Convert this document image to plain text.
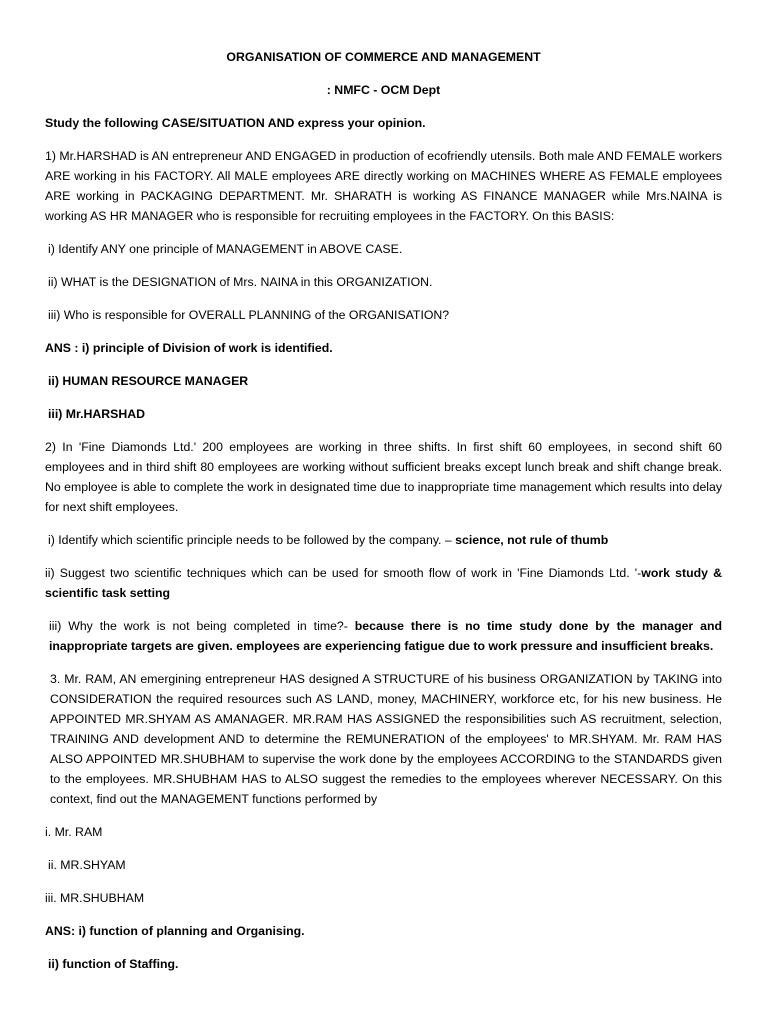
ORGANISATION OF COMMERCE AND MANAGEMENT

: NMFC - OCM Dept

Study the following CASE/SITUATION AND express your opinion.

1) Mr.HARSHAD is AN entrepreneur AND ENGAGED in production of ecofriendly utensils. Both male AND FEMALE workers ARE working in his FACTORY. All MALE employees ARE directly working on MACHINES WHERE AS FEMALE employees ARE working in PACKAGING DEPARTMENT. Mr. SHARATH is working AS FINANCE MANAGER while Mrs.NAINA is working AS HR MANAGER who is responsible for recruiting employees in the FACTORY. On this BASIS:

i) Identify ANY one principle of MANAGEMENT in ABOVE CASE.

ii) WHAT is the DESIGNATION of Mrs. NAINA in this ORGANIZATION.

iii) Who is responsible for OVERALL PLANNING of the ORGANISATION?

ANS : i) principle of Division of work is identified.

ii) HUMAN RESOURCE MANAGER

iii) Mr.HARSHAD

2) In 'Fine Diamonds Ltd.' 200 employees are working in three shifts. In first shift 60 employees, in second shift 60 employees and in third shift 80 employees are working without sufficient breaks except lunch break and shift change break. No employee is able to complete the work in designated time due to inappropriate time management which results into delay for next shift employees.

i) Identify which scientific principle needs to be followed by the company. – science, not rule of thumb

ii) Suggest two scientific techniques which can be used for smooth flow of work in 'Fine Diamonds Ltd. '-work study & scientific task setting

iii) Why the work is not being completed in time?- because there is no time study done by the manager and inappropriate targets are given. employees are experiencing fatigue due to work pressure and insufficient breaks.

3. Mr. RAM, AN emergining entrepreneur HAS designed A STRUCTURE of his business ORGANIZATION by TAKING into CONSIDERATION the required resources such AS LAND, money, MACHINERY, workforce etc, for his new business. He APPOINTED MR.SHYAM AS AMANAGER. MR.RAM HAS ASSIGNED the responsibilities such AS recruitment, selection, TRAINING AND development AND to determine the REMUNERATION of the employees' to MR.SHYAM. Mr. RAM HAS ALSO APPOINTED MR.SHUBHAM to supervise the work done by the employees ACCORDING to the STANDARDS given to the employees. MR.SHUBHAM HAS to ALSO suggest the remedies to the employees wherever NECESSARY. On this context, find out the MANAGEMENT functions performed by

i. Mr. RAM

ii. MR.SHYAM

iii. MR.SHUBHAM

ANS: i) function of planning and Organising.

ii) function of Staffing.
